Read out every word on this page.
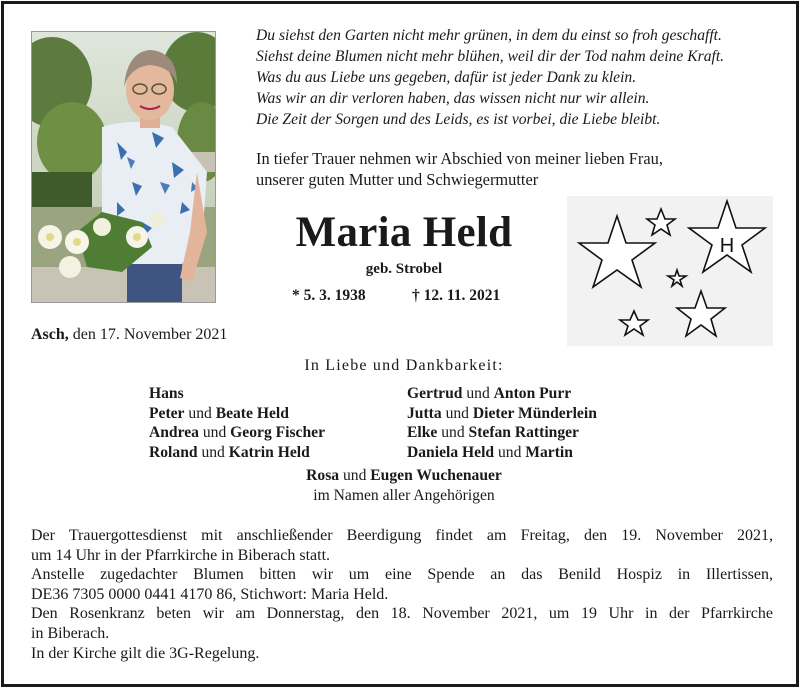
Du siehst den Garten nicht mehr grünen, in dem du einst so froh geschafft.
Siehst deine Blumen nicht mehr blühen, weil dir der Tod nahm deine Kraft.
Was du aus Liebe uns gegeben, dafür ist jeder Dank zu klein.
Was wir an dir verloren haben, das wissen nicht nur wir allein.
Die Zeit der Sorgen und des Leids, es ist vorbei, die Liebe bleibt.
In tiefer Trauer nehmen wir Abschied von meiner lieben Frau,
unserer guten Mutter und Schwiegermutter
Maria Held
geb. Strobel
* 5. 3. 1938	† 12. 11. 2021
H
Asch, den 17. November 2021
In Liebe und Dankbarkeit:
Hans
Peter und Beate Held
Andrea und Georg Fischer
Roland und Katrin Held
Gertrud und Anton Purr
Jutta und Dieter Münderlein
Elke und Stefan Rattinger
Daniela Held und Martin
Rosa und Eugen Wuchenauer
im Namen aller Angehörigen
Der Trauergottesdienst mit anschließender Beerdigung findet am Freitag, den 19. November 2021,
um 14 Uhr in der Pfarrkirche in Biberach statt.
Anstelle zugedachter Blumen bitten wir um eine Spende an das Benild Hospiz in Illertissen,
DE36 7305 0000 0441 4170 86, Stichwort: Maria Held.
Den Rosenkranz beten wir am Donnerstag, den 18. November 2021, um 19 Uhr in der Pfarrkirche
in Biberach.
In der Kirche gilt die 3G-Regelung.
